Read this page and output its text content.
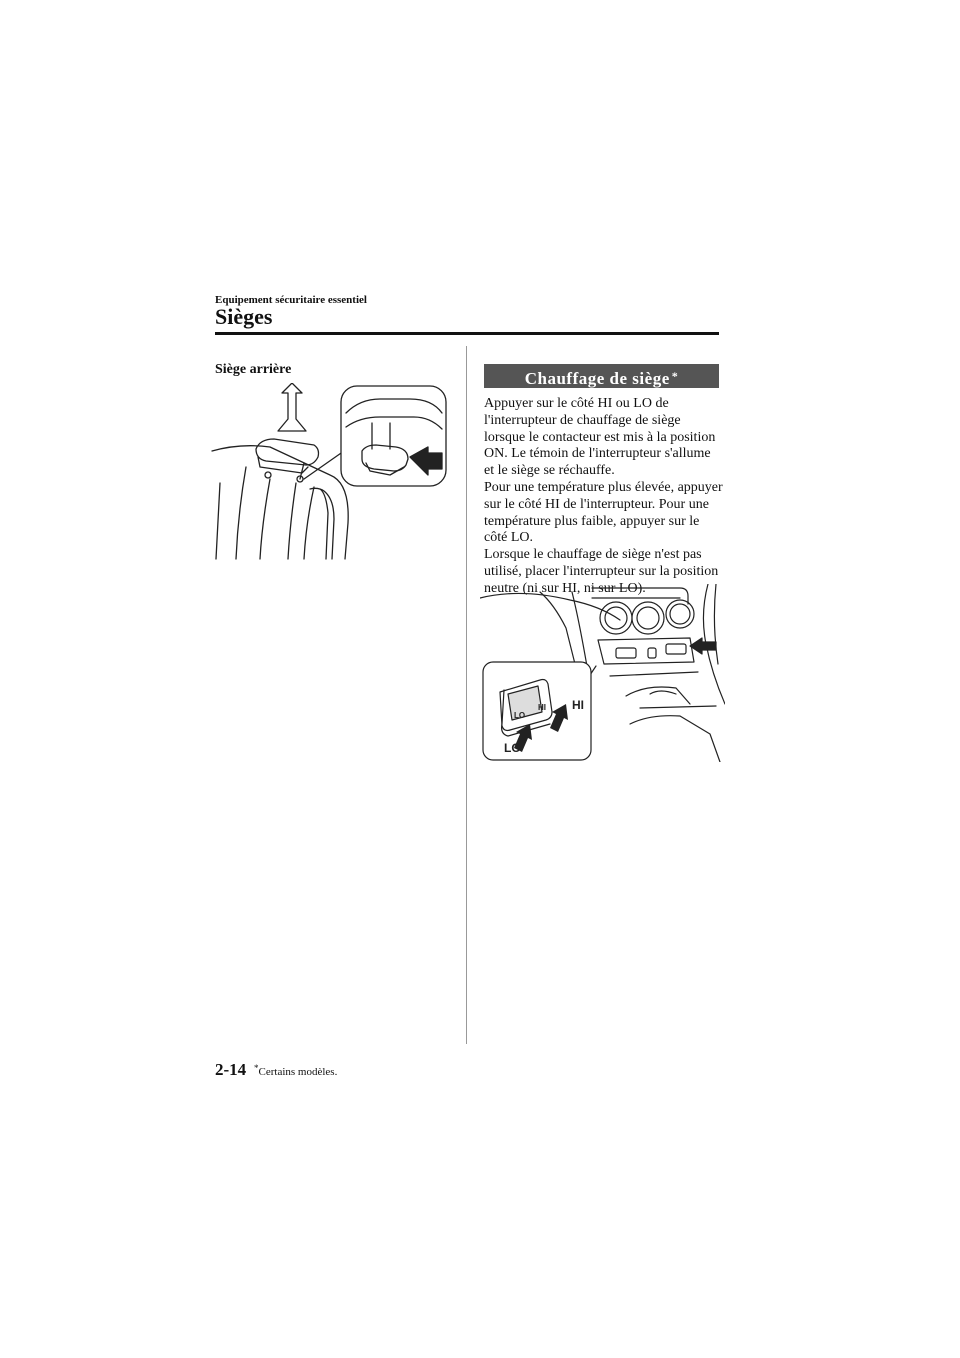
Equipement sécuritaire essentiel
Sièges
Siège arrière	Chauffage de siège *

Appuyer sur le côté HI ou LO de l'interrupteur de chauffage de siège lorsque le contacteur est mis à la position ON. Le témoin de l'interrupteur s'allume et le siège se réchauffe.

Pour une température plus élevée, appuyer sur le côté HI de l'interrupteur. Pour une température plus faible, appuyer sur le côté LO.

Lorsque le chauffage de siège n'est pas utilisé, placer l'interrupteur sur la position neutre (ni sur HI, ni sur LO).

LO
HI HI
LO
2-14 *Certains modèles.
